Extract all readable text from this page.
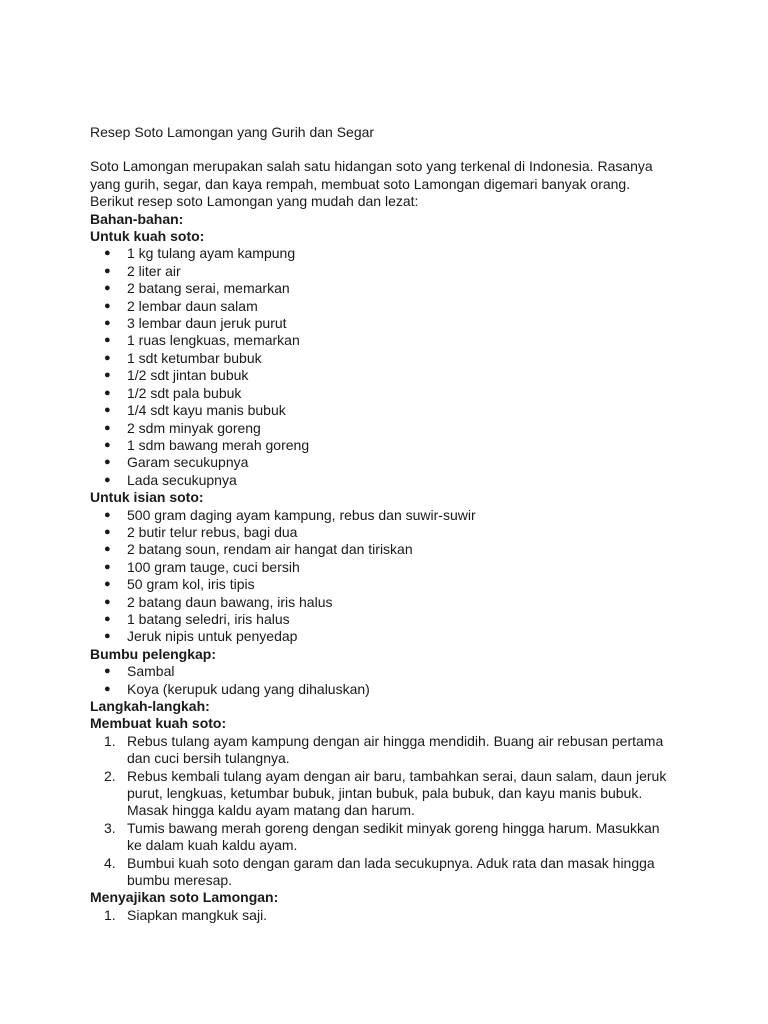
Resep Soto Lamongan yang Gurih dan Segar

Soto Lamongan merupakan salah satu hidangan soto yang terkenal di Indonesia. Rasanya yang gurih, segar, dan kaya rempah, membuat soto Lamongan digemari banyak orang. Berikut resep soto Lamongan yang mudah dan lezat:

Bahan-bahan:

Untuk kuah soto:

● 1 kg tulang ayam kampung
● 2 liter air
● 2 batang serai, memarkan
● 2 lembar daun salam
● 3 lembar daun jeruk purut
● 1 ruas lengkuas, memarkan
● 1 sdt ketumbar bubuk
● 1/2 sdt jintan bubuk
● 1/2 sdt pala bubuk
● 1/4 sdt kayu manis bubuk
● 2 sdm minyak goreng
● 1 sdm bawang merah goreng
● Garam secukupnya
● Lada secukupnya

Untuk isian soto:

● 500 gram daging ayam kampung, rebus dan suwir-suwir
● 2 butir telur rebus, bagi dua
● 2 batang soun, rendam air hangat dan tiriskan
● 100 gram tauge, cuci bersih
● 50 gram kol, iris tipis
● 2 batang daun bawang, iris halus
● 1 batang seledri, iris halus
● Jeruk nipis untuk penyedap

Bumbu pelengkap:

● Sambal
● Koya (kerupuk udang yang dihaluskan)

Langkah-langkah:

Membuat kuah soto:

1. Rebus tulang ayam kampung dengan air hingga mendidih. Buang air rebusan pertama dan cuci bersih tulangnya.
2. Rebus kembali tulang ayam dengan air baru, tambahkan serai, daun salam, daun jeruk purut, lengkuas, ketumbar bubuk, jintan bubuk, pala bubuk, dan kayu manis bubuk. Masak hingga kaldu ayam matang dan harum.
3. Tumis bawang merah goreng dengan sedikit minyak goreng hingga harum. Masukkan ke dalam kuah kaldu ayam.
4. Bumbui kuah soto dengan garam dan lada secukupnya. Aduk rata dan masak hingga bumbu meresap.

Menyajikan soto Lamongan:

1. Siapkan mangkuk saji.
